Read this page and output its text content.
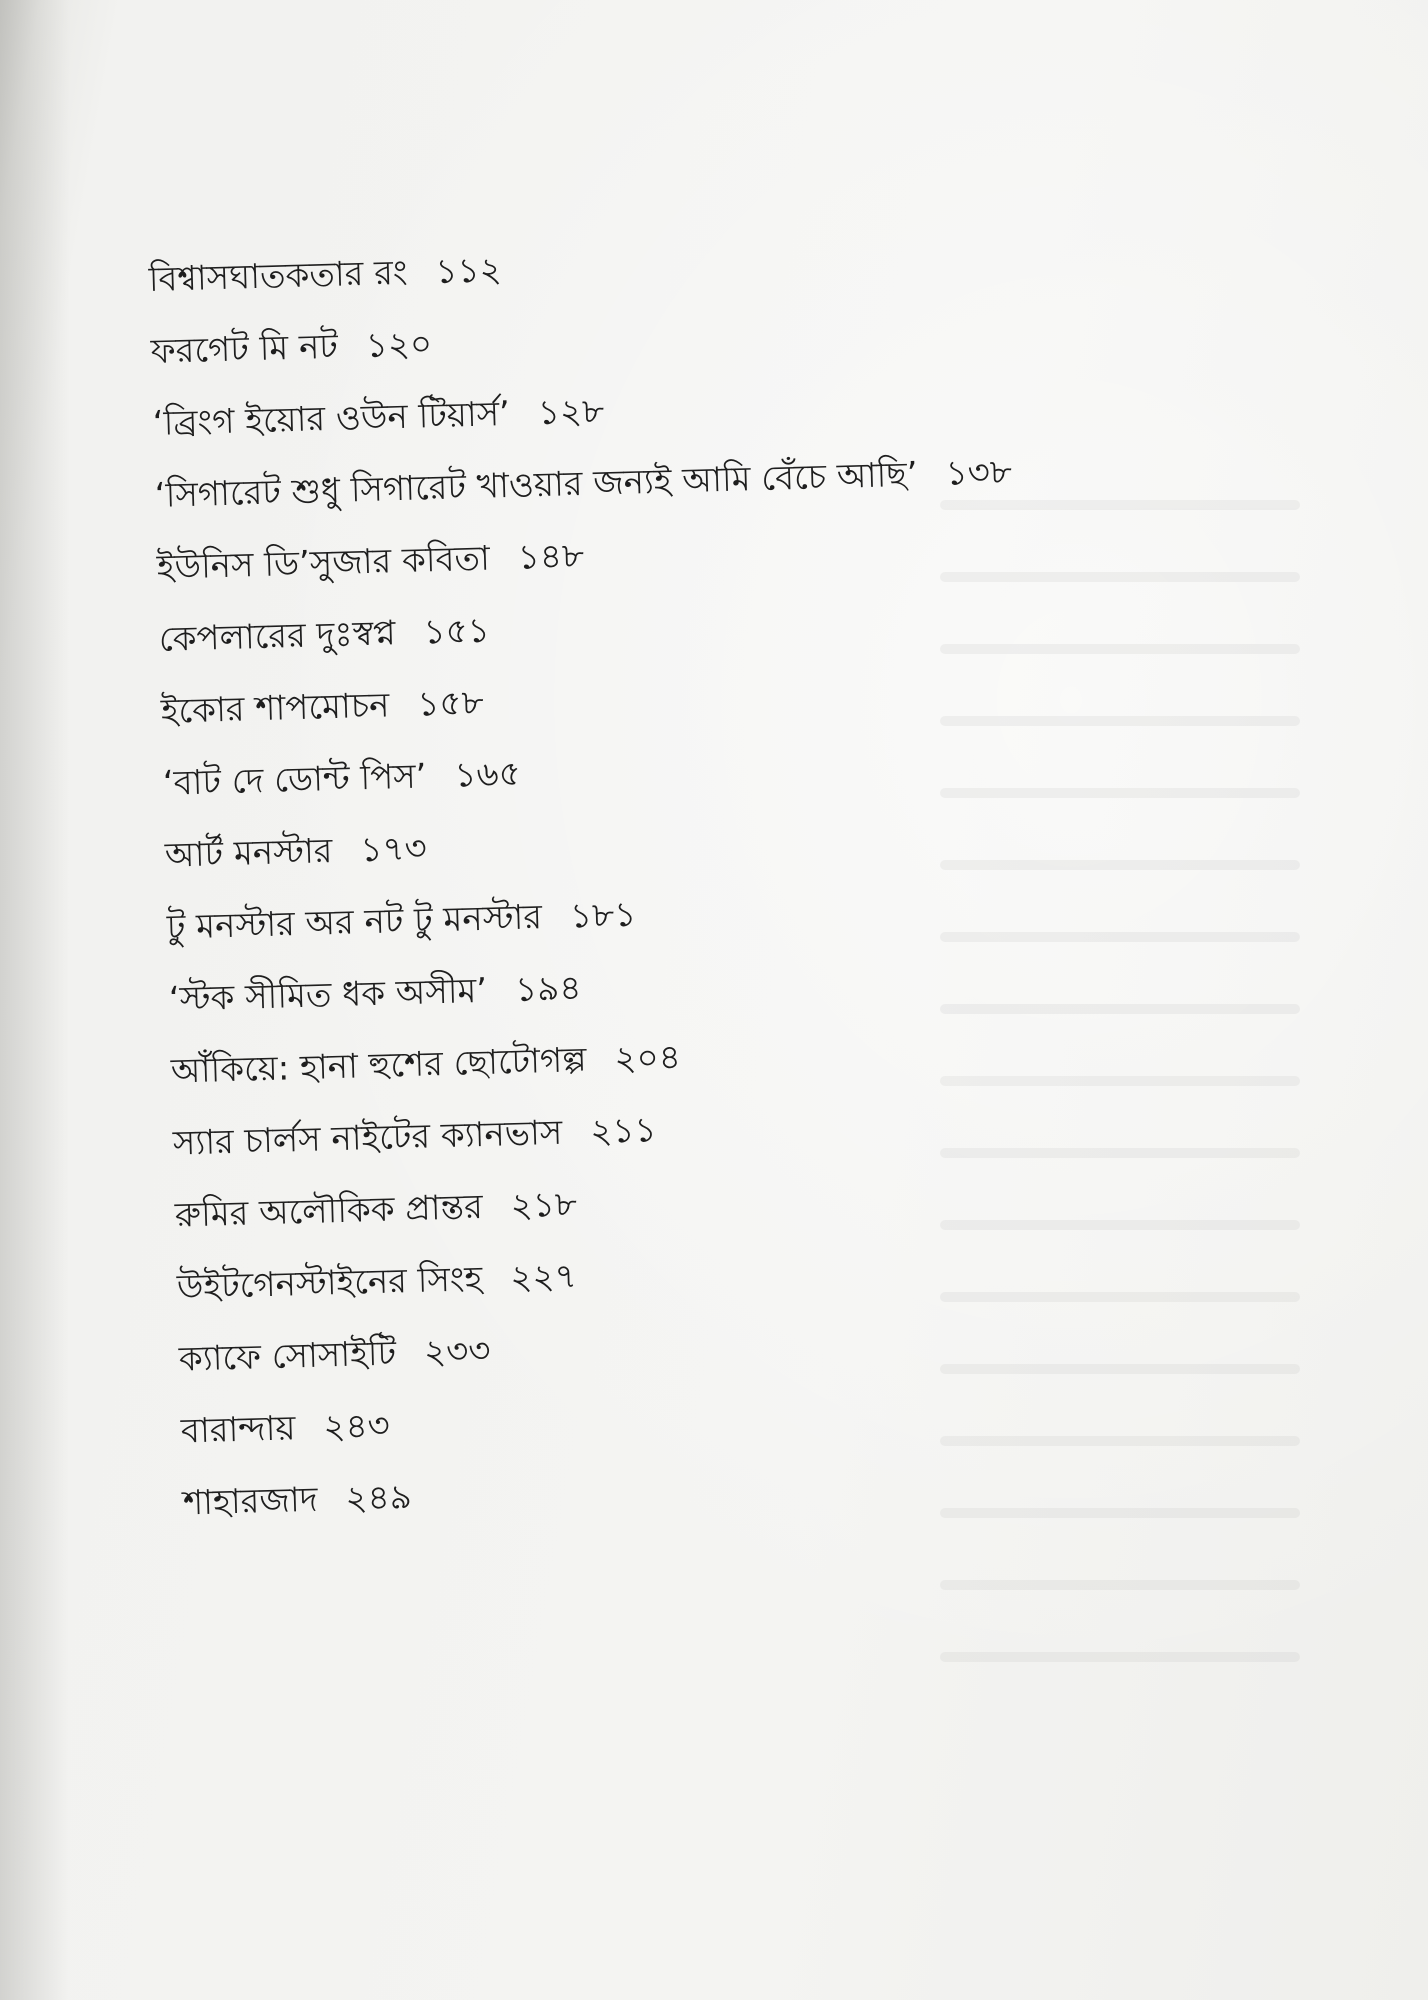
বিশ্বাসঘাতকতার রং ১১২
ফরগেট মি নট ১২০
‘ব্রিংগ ইয়োর ওউন টিয়ার্স’ ১২৮
‘সিগারেট শুধু সিগারেট খাওয়ার জন্যই আমি বেঁচে আছি’ ১৩৮
ইউনিস ডি’সুজার কবিতা ১৪৮
কেপলারের দুঃস্বপ্ন ১৫১
ইকোর শাপমোচন ১৫৮
‘বাট দে ডোন্ট পিস’ ১৬৫
আর্ট মনস্টার ১৭৩
টু মনস্টার অর নট টু মনস্টার ১৮১
‘স্টক সীমিত ধক অসীম’ ১৯৪
আঁকিয়ে: হানা হুশের ছোটোগল্প ২০৪
স্যার চার্লস নাইটের ক্যানভাস ২১১
রুমির অলৌকিক প্রান্তর ২১৮
উইটগেনস্টাইনের সিংহ ২২৭
ক্যাফে সোসাইটি ২৩৩
বারান্দায় ২৪৩
শাহারজাদ ২৪৯
